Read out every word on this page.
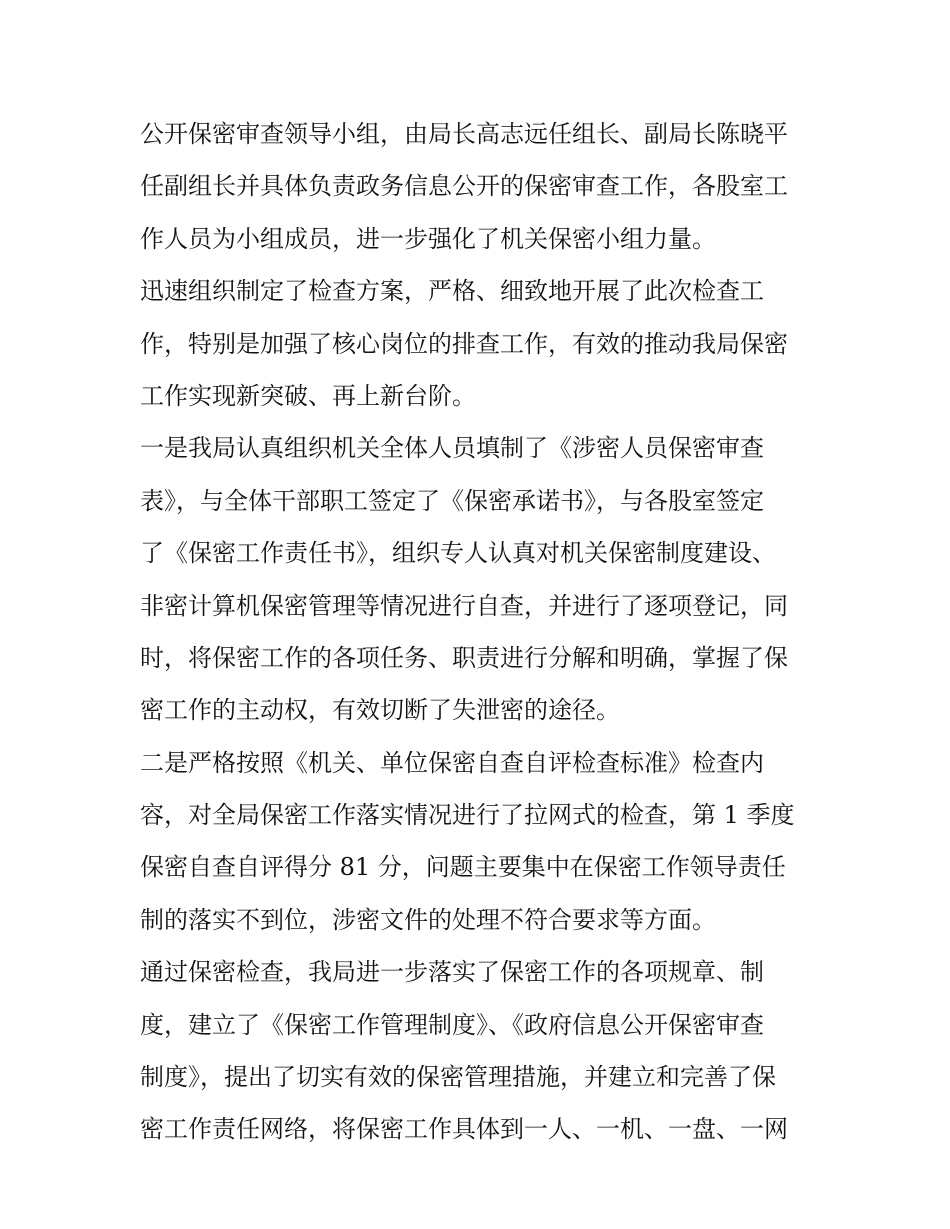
公开保密审查领导小组，由局长高志远任组长、副局长陈晓平
任副组长并具体负责政务信息公开的保密审查工作，各股室工
作人员为小组成员，进一步强化了机关保密小组力量。
迅速组织制定了检查方案，严格、细致地开展了此次检查工
作，特别是加强了核心岗位的排查工作，有效的推动我局保密
工作实现新突破、再上新台阶。
一是我局认真组织机关全体人员填制了《涉密人员保密审查
表》，与全体干部职工签定了《保密承诺书》，与各股室签定
了《保密工作责任书》，组织专人认真对机关保密制度建设、
非密计算机保密管理等情况进行自查，并进行了逐项登记，同
时，将保密工作的各项任务、职责进行分解和明确，掌握了保
密工作的主动权，有效切断了失泄密的途径。
二是严格按照《机关、单位保密自查自评检查标准》检查内
容，对全局保密工作落实情况进行了拉网式的检查，第 1 季度
保密自查自评得分 81 分，问题主要集中在保密工作领导责任
制的落实不到位，涉密文件的处理不符合要求等方面。
通过保密检查，我局进一步落实了保密工作的各项规章、制
度，建立了《保密工作管理制度》、《政府信息公开保密审查
制度》，提出了切实有效的保密管理措施，并建立和完善了保
密工作责任网络，将保密工作具体到一人、一机、一盘、一网
